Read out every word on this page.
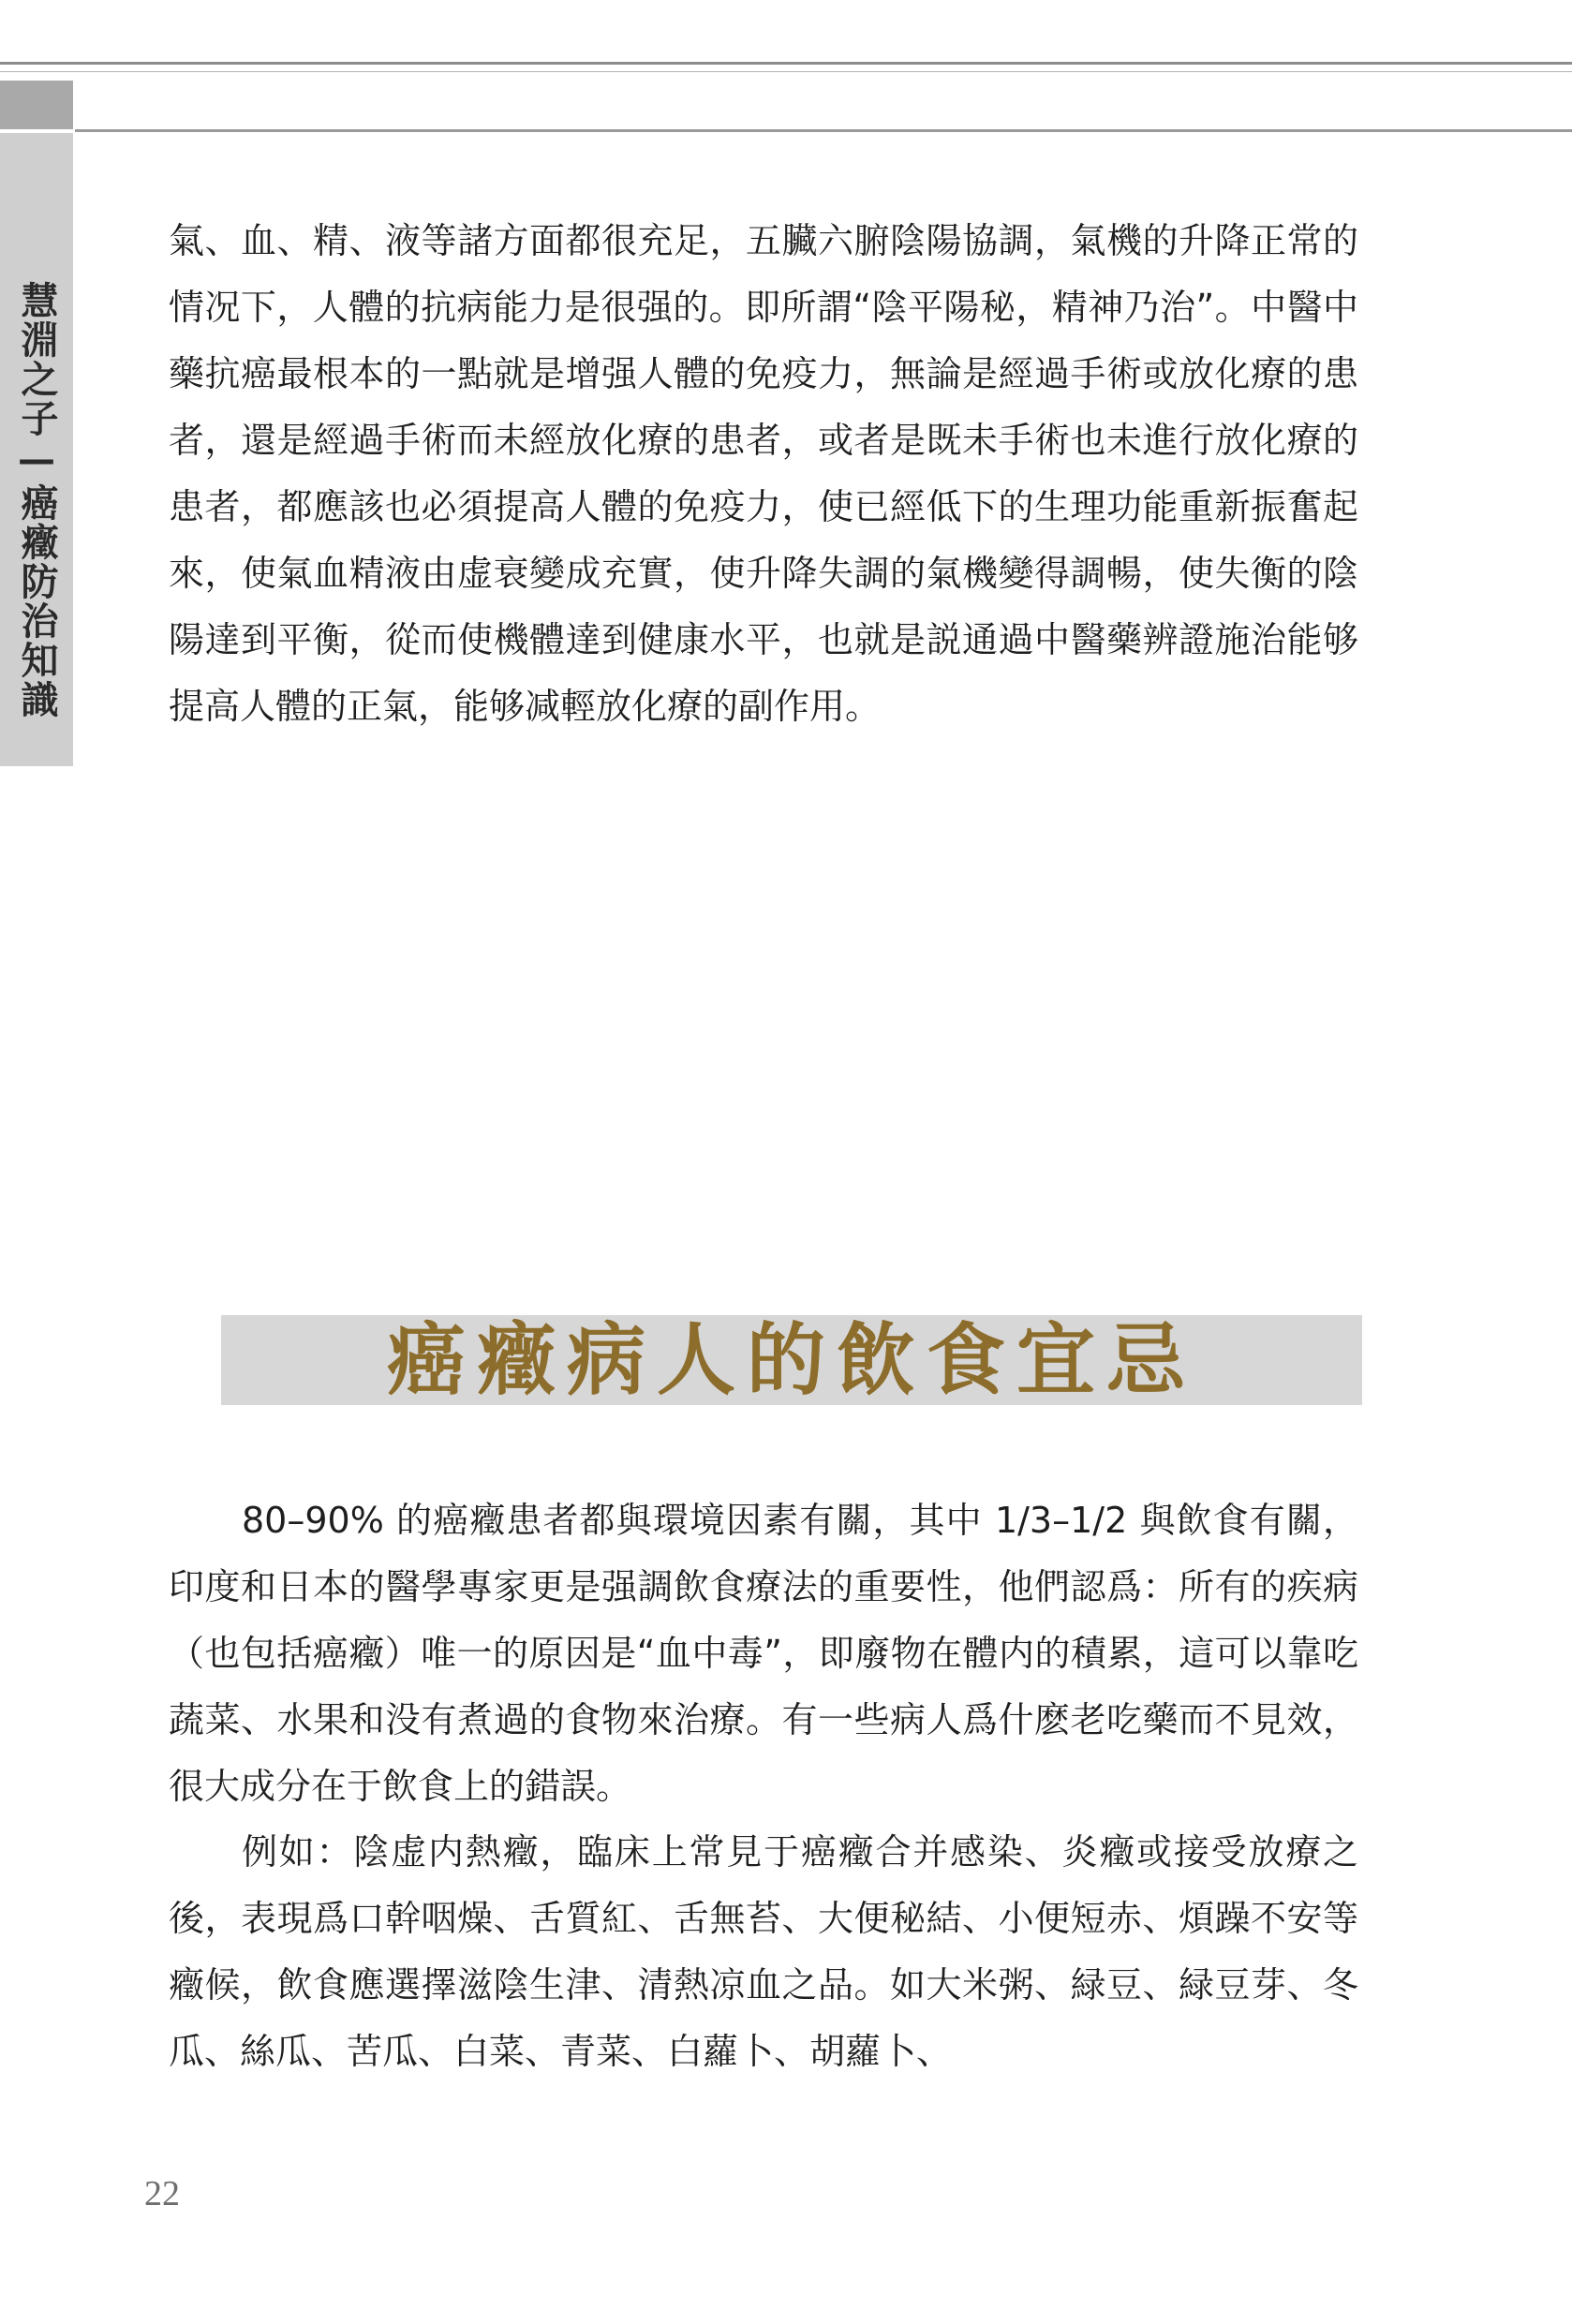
慧淵之子—癌癥防治知識

氣、血、精、液等諸方面都很充足，五臟六腑陰陽協調，氣機的升降正常的情况下，人體的抗病能力是很强的。即所謂“陰平陽秘，精神乃治”。中醫中藥抗癌最根本的一點就是增强人體的免疫力，無論是經過手術或放化療的患者，還是經過手術而未經放化療的患者，或者是既未手術也未進行放化療的患者，都應該也必須提高人體的免疫力，使已經低下的生理功能重新振奮起來，使氣血精液由虚衰變成充實，使升降失調的氣機變得調暢，使失衡的陰陽達到平衡，從而使機體達到健康水平，也就是説通過中醫藥辨證施治能够提高人體的正氣，能够减輕放化療的副作用。

癌癥病人的飲食宜忌

80–90% 的癌癥患者都與環境因素有關，其中 1/3–1/2 與飲食有關，印度和日本的醫學專家更是强調飲食療法的重要性，他們認爲：所有的疾病（也包括癌癥）唯一的原因是“血中毒”，即廢物在體内的積累，這可以靠吃蔬菜、水果和没有煮過的食物來治療。有一些病人爲什麽老吃藥而不見效，很大成分在于飲食上的錯誤。

例如：陰虚内熱癥，臨床上常見于癌癥合并感染、炎癥或接受放療之後，表現爲口幹咽燥、舌質紅、舌無苔、大便秘結、小便短赤、煩躁不安等癥候，飲食應選擇滋陰生津、清熱凉血之品。如大米粥、緑豆、緑豆芽、冬瓜、絲瓜、苦瓜、白菜、青菜、白蘿卜、胡蘿卜、

22
